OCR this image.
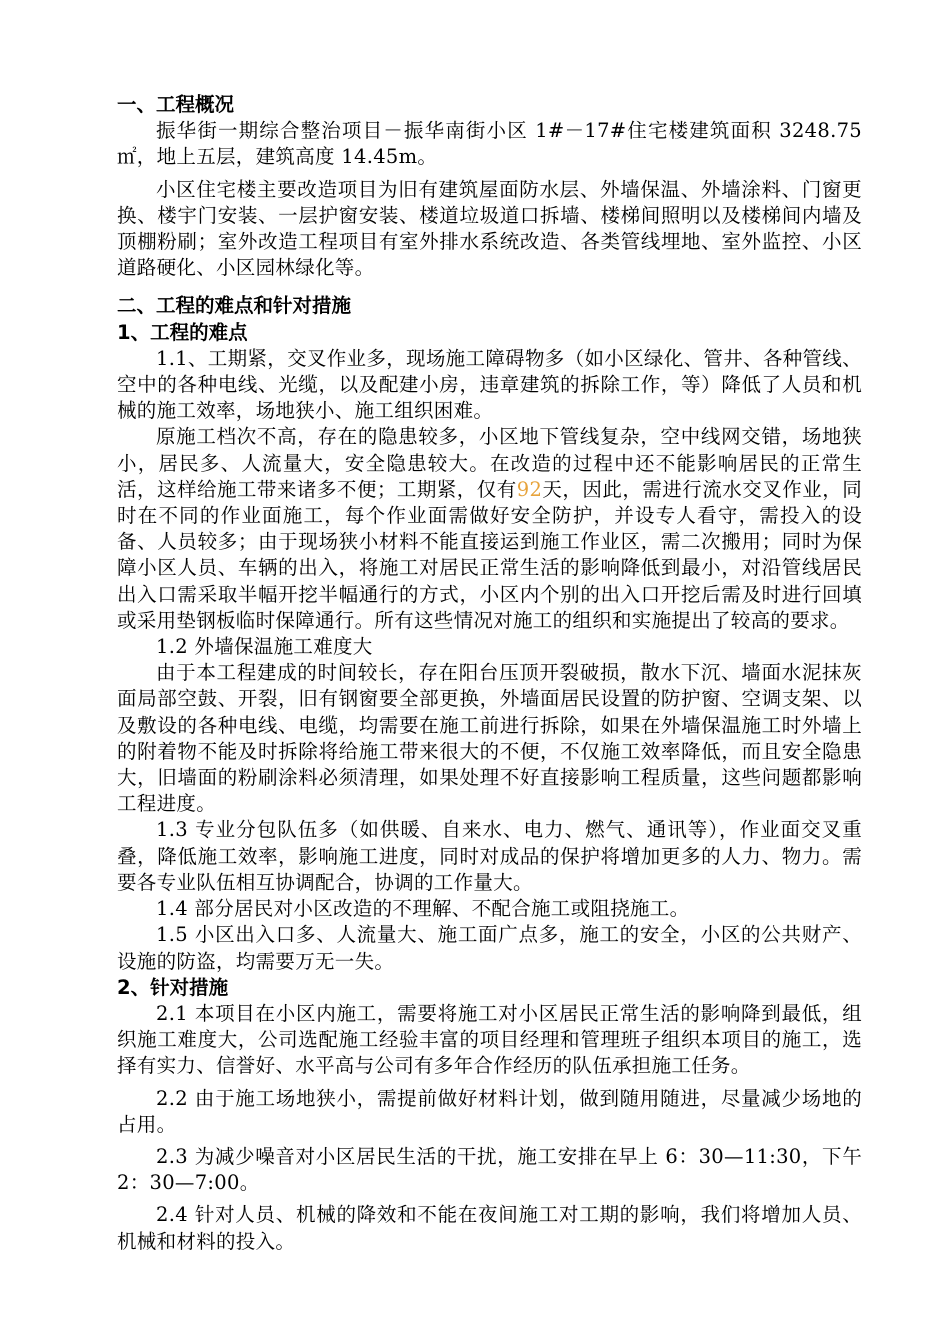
一、工程概况

振华街一期综合整治项目－振华南街小区 1#－17#住宅楼建筑面积 3248.75㎡，地上五层，建筑高度 14.45m。

小区住宅楼主要改造项目为旧有建筑屋面防水层、外墙保温、外墙涂料、门窗更换、楼宇门安装、一层护窗安装、楼道垃圾道口拆墙、楼梯间照明以及楼梯间内墙及顶棚粉刷；室外改造工程项目有室外排水系统改造、各类管线埋地、室外监控、小区道路硬化、小区园林绿化等。

二、工程的难点和针对措施
1、工程的难点

1.1、工期紧，交叉作业多，现场施工障碍物多（如小区绿化、管井、各种管线、空中的各种电线、光缆，以及配建小房，违章建筑的拆除工作，等）降低了人员和机械的施工效率，场地狭小、施工组织困难。

原施工档次不高，存在的隐患较多，小区地下管线复杂，空中线网交错，场地狭小，居民多、人流量大，安全隐患较大。在改造的过程中还不能影响居民的正常生活，这样给施工带来诸多不便；工期紧，仅有92天，因此，需进行流水交叉作业，同时在不同的作业面施工，每个作业面需做好安全防护，并设专人看守，需投入的设备、人员较多；由于现场狭小材料不能直接运到施工作业区，需二次搬用；同时为保障小区人员、车辆的出入，将施工对居民正常生活的影响降低到最小，对沿管线居民出入口需采取半幅开挖半幅通行的方式，小区内个别的出入口开挖后需及时进行回填或采用垫钢板临时保障通行。所有这些情况对施工的组织和实施提出了较高的要求。

1.2 外墙保温施工难度大

由于本工程建成的时间较长，存在阳台压顶开裂破损，散水下沉、墙面水泥抹灰面局部空鼓、开裂，旧有钢窗要全部更换，外墙面居民设置的防护窗、空调支架、以及敷设的各种电线、电缆，均需要在施工前进行拆除，如果在外墙保温施工时外墙上的附着物不能及时拆除将给施工带来很大的不便，不仅施工效率降低，而且安全隐患大，旧墙面的粉刷涂料必须清理，如果处理不好直接影响工程质量，这些问题都影响工程进度。

1.3 专业分包队伍多（如供暖、自来水、电力、燃气、通讯等），作业面交叉重叠，降低施工效率，影响施工进度，同时对成品的保护将增加更多的人力、物力。需要各专业队伍相互协调配合，协调的工作量大。

1.4 部分居民对小区改造的不理解、不配合施工或阻挠施工。

1.5 小区出入口多、人流量大、施工面广点多，施工的安全，小区的公共财产、设施的防盗，均需要万无一失。

2、针对措施

2.1 本项目在小区内施工，需要将施工对小区居民正常生活的影响降到最低，组织施工难度大，公司选配施工经验丰富的项目经理和管理班子组织本项目的施工，选择有实力、信誉好、水平高与公司有多年合作经历的队伍承担施工任务。

2.2 由于施工场地狭小，需提前做好材料计划，做到随用随进，尽量减少场地的占用。

2.3 为减少噪音对小区居民生活的干扰，施工安排在早上 6：30—11:30，下午 2：30—7:00。

2.4 针对人员、机械的降效和不能在夜间施工对工期的影响，我们将增加人员、机械和材料的投入。
